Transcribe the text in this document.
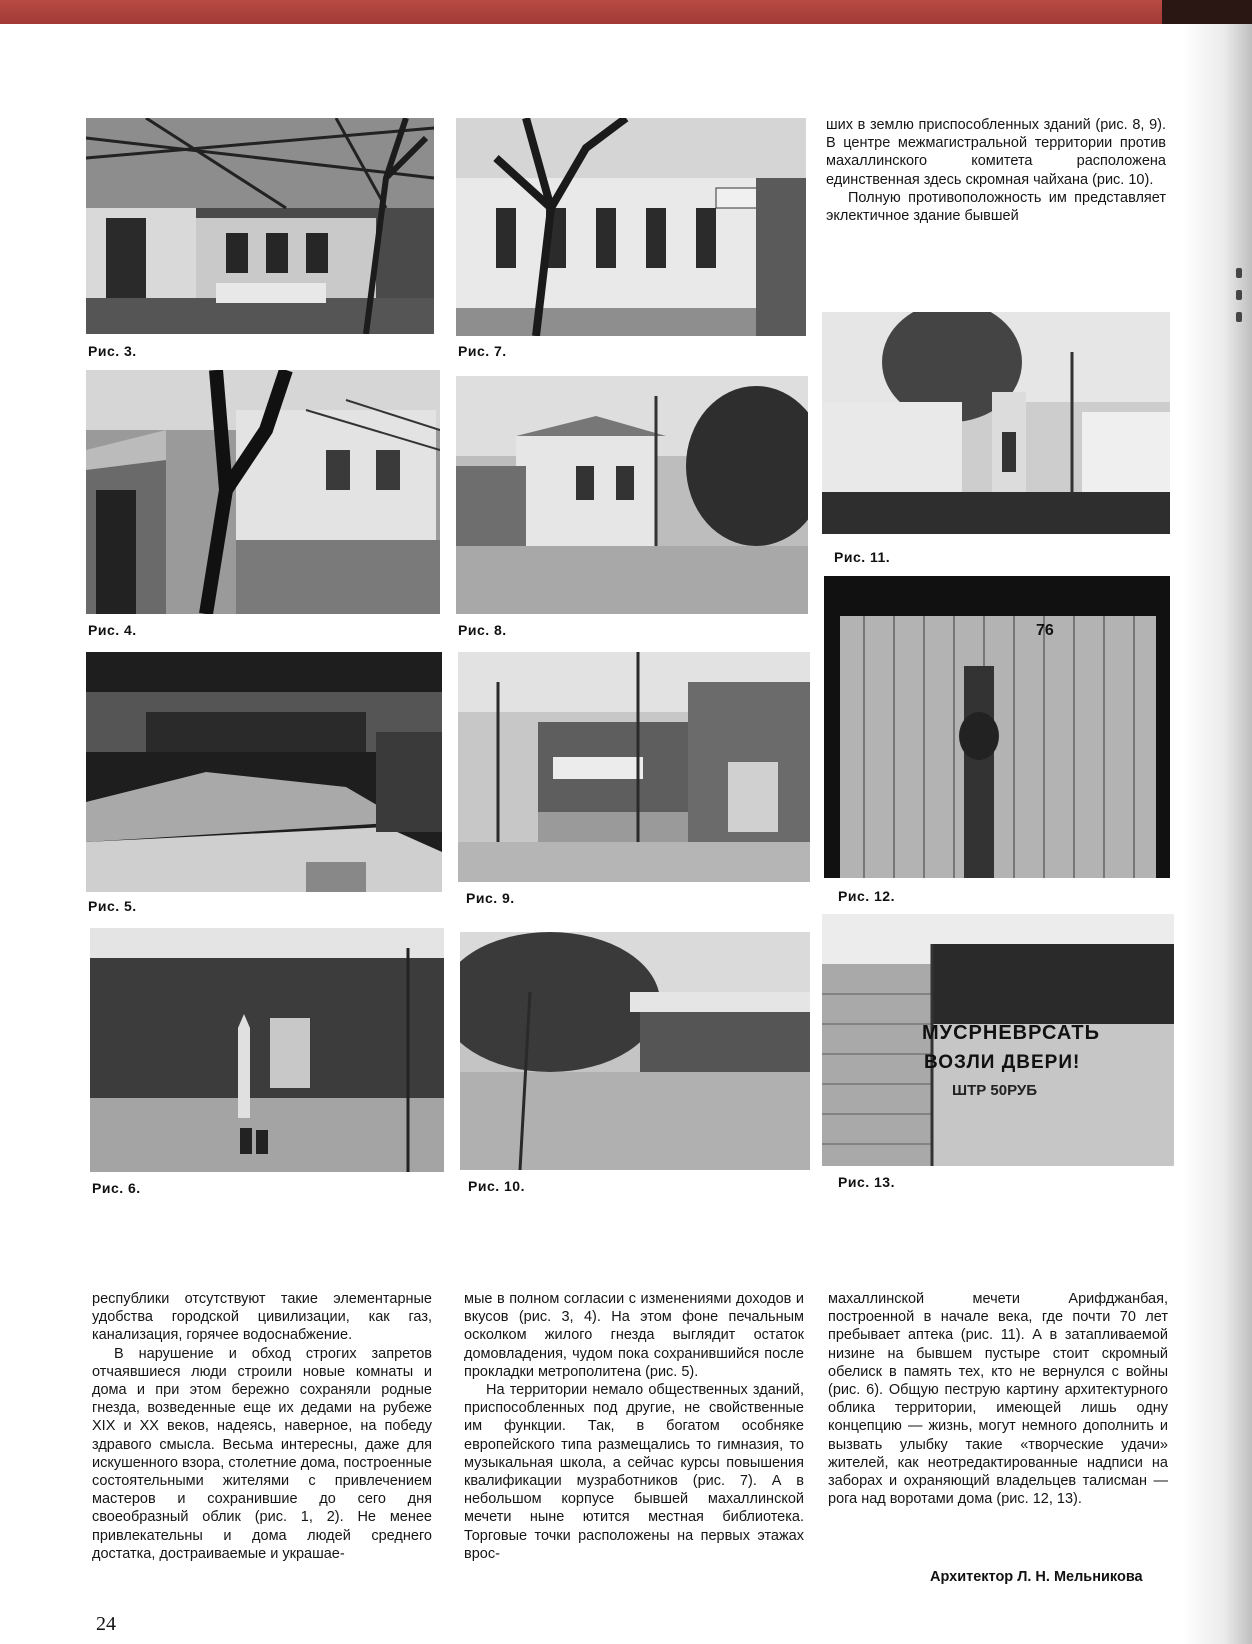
Рис. 3.
Рис. 4.
Рис. 5.
Рис. 6.
Рис. 7.
Рис. 8.
Рис. 9.
Рис. 10.

ших в землю приспособленных зданий (рис. 8, 9). В центре межмагистральной территории против махаллинского комитета расположена единственная здесь скромная чайхана (рис. 10).

Полную противоположность им представляет эклектичное здание бывшей

Рис. 11.
76
Рис. 12.
МУСРНЕВРСАТЬ
ВОЗЛИ ДВЕРИ!
ШТР 50РУБ
Рис. 13.

республики отсутствуют такие элементарные удобства городской цивилизации, как газ, канализация, горячее водоснабжение.

В нарушение и обход строгих запретов отчаявшиеся люди строили новые комнаты и дома и при этом бережно сохраняли родные гнезда, возведенные еще их дедами на рубеже XIX и XX веков, надеясь, наверное, на победу здравого смысла. Весьма интересны, даже для искушенного взора, столетние дома, построенные состоятельными жителями с привлечением мастеров и сохранившие до сего дня своеобразный облик (рис. 1, 2). Не менее привлекательны и дома людей среднего достатка, достраиваемые и украшае-

мые в полном согласии с изменениями доходов и вкусов (рис. 3, 4). На этом фоне печальным осколком жилого гнезда выглядит остаток домовладения, чудом пока сохранившийся после прокладки метрополитена (рис. 5).

На территории немало общественных зданий, приспособленных под другие, не свойственные им функции. Так, в богатом особняке европейского типа размещались то гимназия, то музыкальная школа, а сейчас курсы повышения квалификации музработников (рис. 7). А в небольшом корпусе бывшей махаллинской мечети ныне ютится местная библиотека. Торговые точки расположены на первых этажах врос-

махаллинской мечети Арифджанбая, построенной в начале века, где почти 70 лет пребывает аптека (рис. 11). А в затапливаемой низине на бывшем пустыре стоит скромный обелиск в память тех, кто не вернулся с войны (рис. 6). Общую пеструю картину архитектурного облика территории, имеющей лишь одну концепцию — жизнь, могут немного дополнить и вызвать улыбку такие «творческие удачи» жителей, как неотредактированные надписи на заборах и охраняющий владельцев талисман — рога над воротами дома (рис. 12, 13).

Архитектор Л. Н. Мельникова
24
